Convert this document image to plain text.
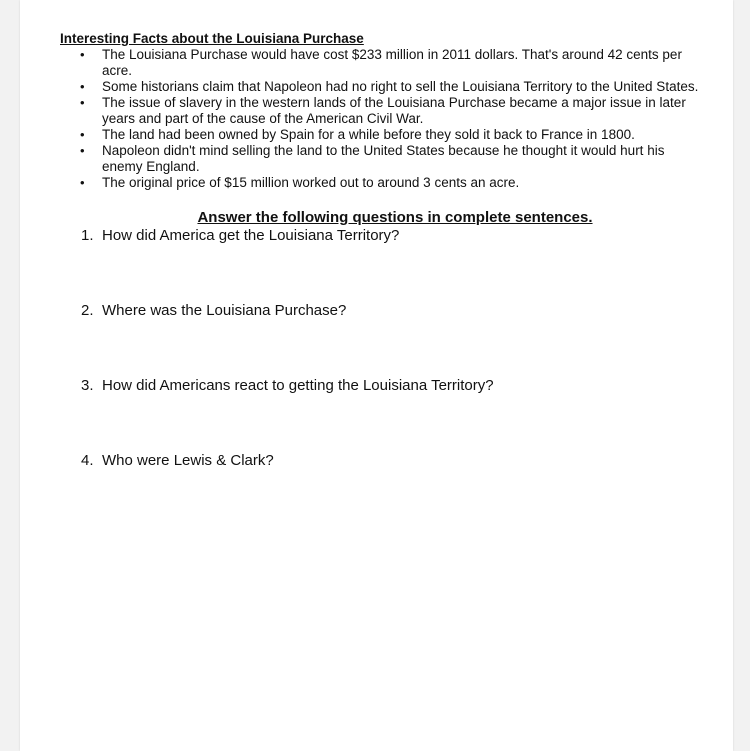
Interesting Facts about the Louisiana Purchase

• The Louisiana Purchase would have cost $233 million in 2011 dollars. That's around 42 cents per acre.
• Some historians claim that Napoleon had no right to sell the Louisiana Territory to the United States.
• The issue of slavery in the western lands of the Louisiana Purchase became a major issue in later years and part of the cause of the American Civil War.
• The land had been owned by Spain for a while before they sold it back to France in 1800.
• Napoleon didn't mind selling the land to the United States because he thought it would hurt his enemy England.
• The original price of $15 million worked out to around 3 cents an acre.

Answer the following questions in complete sentences.

1. How did America get the Louisiana Territory?
2. Where was the Louisiana Purchase?
3. How did Americans react to getting the Louisiana Territory?
4. Who were Lewis & Clark?
